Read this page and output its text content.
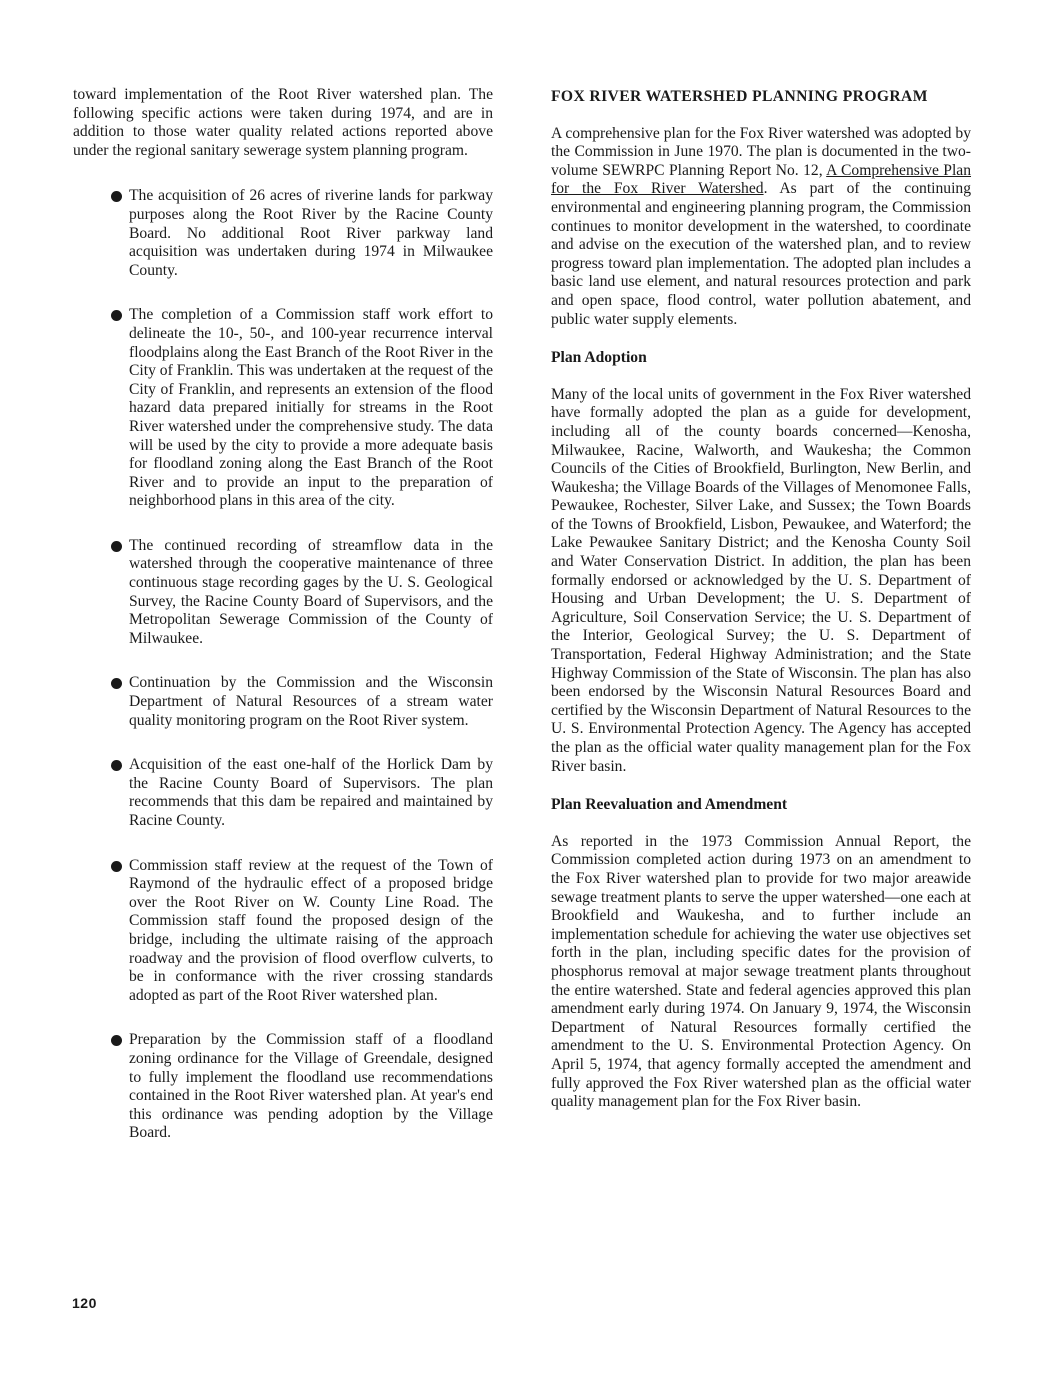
toward implementation of the Root River watershed plan. The following specific actions were taken during 1974, and are in addition to those water quality related actions reported above under the regional sanitary sewerage system planning program.

The acquisition of 26 acres of riverine lands for parkway purposes along the Root River by the Racine County Board. No additional Root River parkway land acquisition was undertaken during 1974 in Milwaukee County.
The completion of a Commission staff work effort to delineate the 10-, 50-, and 100-year recurrence interval floodplains along the East Branch of the Root River in the City of Franklin. This was undertaken at the request of the City of Franklin, and represents an extension of the flood hazard data prepared initially for streams in the Root River watershed under the comprehensive study. The data will be used by the city to provide a more adequate basis for floodland zoning along the East Branch of the Root River and to provide an input to the preparation of neighborhood plans in this area of the city.
The continued recording of streamflow data in the watershed through the cooperative maintenance of three continuous stage recording gages by the U. S. Geological Survey, the Racine County Board of Supervisors, and the Metropolitan Sewerage Commission of the County of Milwaukee.
Continuation by the Commission and the Wisconsin Department of Natural Resources of a stream water quality monitoring program on the Root River system.
Acquisition of the east one-half of the Horlick Dam by the Racine County Board of Supervisors. The plan recommends that this dam be repaired and maintained by Racine County.
Commission staff review at the request of the Town of Raymond of the hydraulic effect of a proposed bridge over the Root River on W. County Line Road. The Commission staff found the proposed design of the bridge, including the ultimate raising of the approach roadway and the provision of flood overflow culverts, to be in conformance with the river crossing standards adopted as part of the Root River watershed plan.
Preparation by the Commission staff of a floodland zoning ordinance for the Village of Greendale, designed to fully implement the floodland use recommendations contained in the Root River watershed plan. At year's end this ordinance was pending adoption by the Village Board.
FOX RIVER WATERSHED PLANNING PROGRAM

A comprehensive plan for the Fox River watershed was adopted by the Commission in June 1970. The plan is documented in the two-volume SEWRPC Planning Report No. 12, A Comprehensive Plan for the Fox River Watershed. As part of the continuing environmental and engineering planning program, the Commission continues to monitor development in the watershed, to coordinate and advise on the execution of the watershed plan, and to review progress toward plan implementation. The adopted plan includes a basic land use element, and natural resources protection and park and open space, flood control, water pollution abatement, and public water supply elements.

Plan Adoption

Many of the local units of government in the Fox River watershed have formally adopted the plan as a guide for development, including all of the county boards concerned—Kenosha, Milwaukee, Racine, Walworth, and Waukesha; the Common Councils of the Cities of Brookfield, Burlington, New Berlin, and Waukesha; the Village Boards of the Villages of Menomonee Falls, Pewaukee, Rochester, Silver Lake, and Sussex; the Town Boards of the Towns of Brookfield, Lisbon, Pewaukee, and Waterford; the Lake Pewaukee Sanitary District; and the Kenosha County Soil and Water Conservation District. In addition, the plan has been formally endorsed or acknowledged by the U. S. Department of Housing and Urban Development; the U. S. Department of Agriculture, Soil Conservation Service; the U. S. Department of the Interior, Geological Survey; the U. S. Department of Transportation, Federal Highway Administration; and the State Highway Commission of the State of Wisconsin. The plan has also been endorsed by the Wisconsin Natural Resources Board and certified by the Wisconsin Department of Natural Resources to the U. S. Environmental Protection Agency. The Agency has accepted the plan as the official water quality management plan for the Fox River basin.

Plan Reevaluation and Amendment

As reported in the 1973 Commission Annual Report, the Commission completed action during 1973 on an amendment to the Fox River watershed plan to provide for two major areawide sewage treatment plants to serve the upper watershed—one each at Brookfield and Waukesha, and to further include an implementation schedule for achieving the water use objectives set forth in the plan, including specific dates for the provision of phosphorus removal at major sewage treatment plants throughout the entire watershed. State and federal agencies approved this plan amendment early during 1974. On January 9, 1974, the Wisconsin Department of Natural Resources formally certified the amendment to the U. S. Environmental Protection Agency. On April 5, 1974, that agency formally accepted the amendment and fully approved the Fox River watershed plan as the official water quality management plan for the Fox River basin.

120
